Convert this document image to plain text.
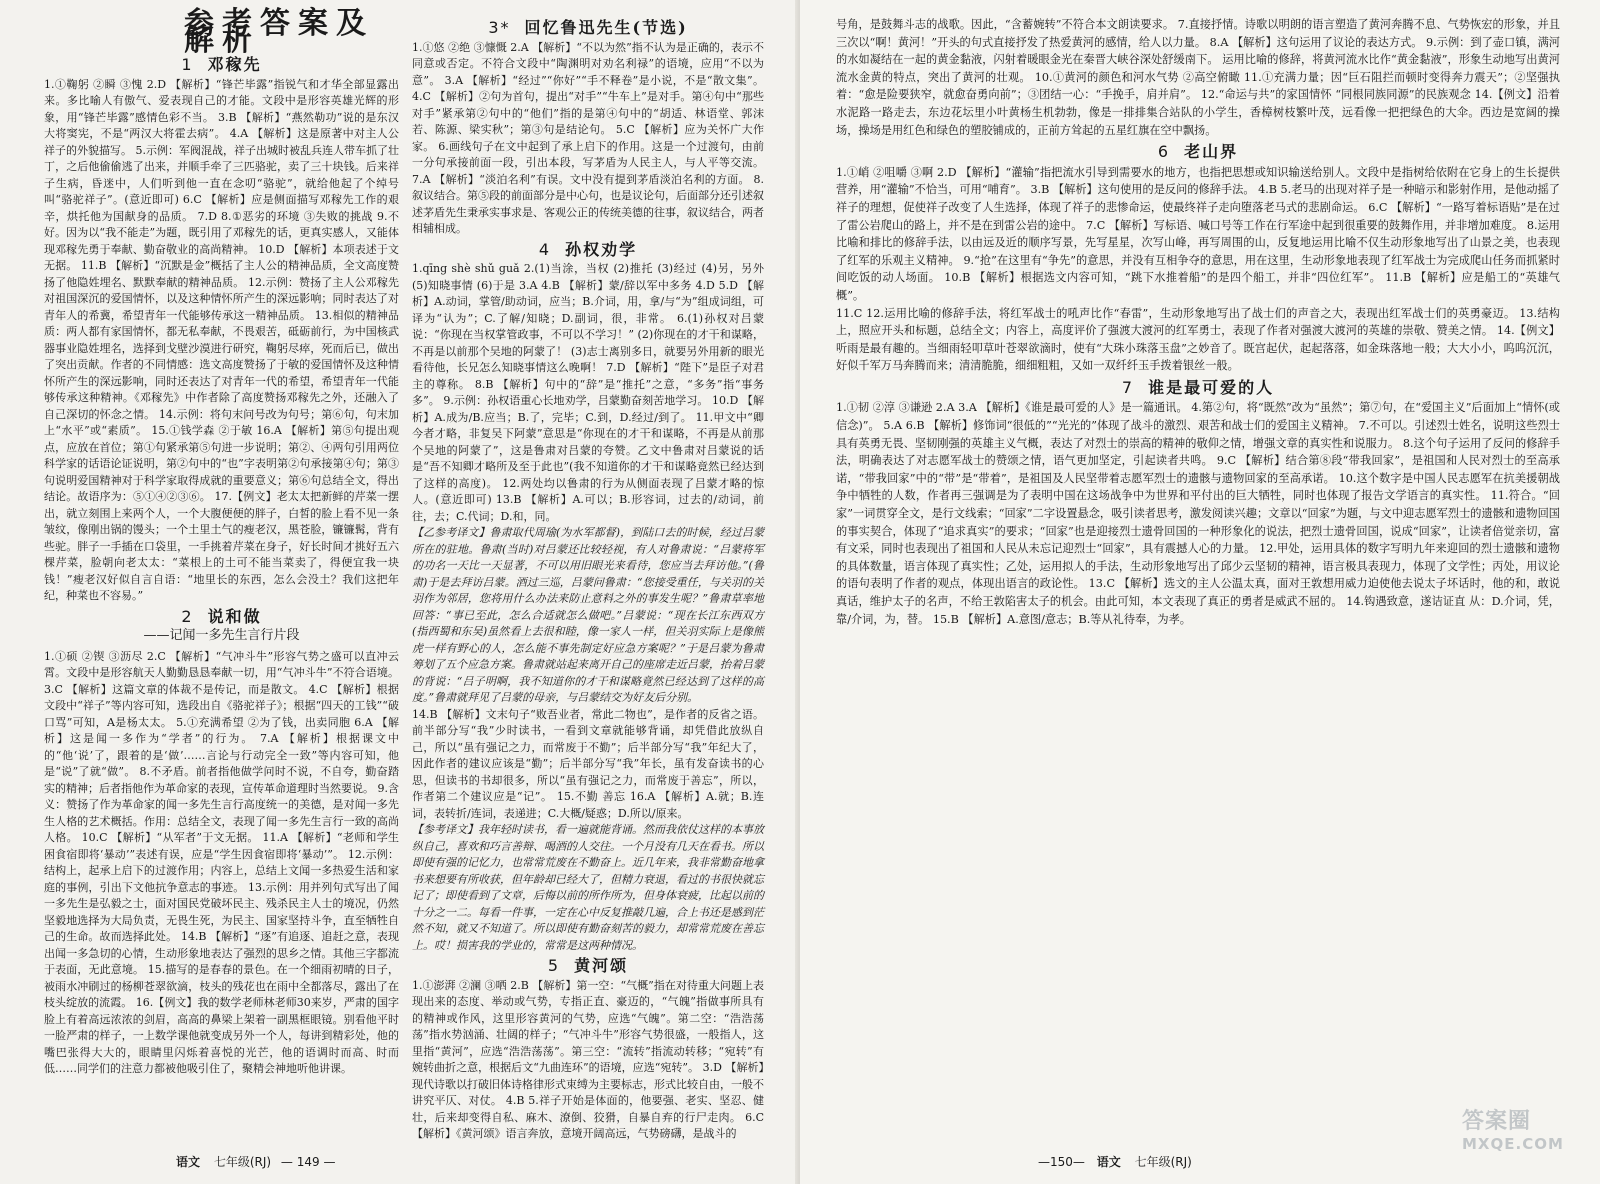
参考答案及解析
1 邓稼先

1.①鞠躬 ②瞬 ③愧 2.D 【解析】“锋芒毕露”指锐气和才华全部显露出来。多比喻人有傲气、爱表现自己的才能。文段中是形容英雄光辉的形象，用“锋芒毕露”感情色彩不当。 3.B 【解析】“燕然勒功”说的是东汉大将窦宪，不是“两汉大将霍去病”。 4.A 【解析】这是原著中对主人公祥子的外貌描写。 5.示例：军阀混战，祥子出城时被乱兵连人带车抓了壮丁，之后他偷偷逃了出来，并顺手牵了三匹骆驼，卖了三十块钱。后来祥子生病，昏迷中，人们听到他一直在念叨“骆驼”，就给他起了个绰号叫“骆驼祥子”。(意近即可) 6.C 【解析】应是侧面描写邓稼先工作的艰辛，烘托他为国献身的品质。 7.D 8.①恶劣的环境 ③失败的挑战 9.不好。因为以“我不能走”为题，既引用了邓稼先的话，更真实感人，又能体现邓稼先勇于奉献、勤奋敬业的高尚精神。 10.D 【解析】本项表述于文无据。 11.B 【解析】“沉默是金”概括了主人公的精神品质，全文高度赞扬了他隐姓埋名、默默奉献的精神品质。 12.示例：赞扬了主人公邓稼先对祖国深沉的爱国情怀，以及这种情怀所产生的深远影响；同时表达了对青年人的希冀，希望青年一代能够传承这一精神品质。 13.相似的精神品质：两人都有家国情怀，都无私奉献，不畏艰苦，砥砺前行，为中国核武器事业隐姓埋名，选择到戈壁沙漠进行研究，鞠躬尽瘁，死而后已，做出了突出贡献。作者的不同情感：选文高度赞扬了于敏的爱国情怀及这种情怀所产生的深远影响，同时还表达了对青年一代的希望，希望青年一代能够传承这种精神。《邓稼先》中作者除了高度赞扬邓稼先之外，还融入了自己深切的怀念之情。 14.示例：将句末问号改为句号；第⑥句，句末加上“水平”或“素质”。 15.①钱学森 ②于敏 16.A 【解析】第⑤句提出观点，应放在首位；第①句紧承第⑤句进一步说明；第②、④两句引用两位科学家的话语论证说明，第②句中的“也”字表明第②句承接第④句；第③句说明爱国精神对于科学家取得成就的重要意义；第⑥句总结全文，得出结论。故语序为：⑤①④②③⑥。 17.【例文】老太太把新鲜的芹菜一摆出，就立刻围上来两个人，一个大腹便便的胖子，白皙的脸上看不见一条皱纹，像刚出锅的馒头；一个土里土气的瘦老汉，黑苍脸，镰镰髯，背有些驼。胖子一手插在口袋里，一手挑着芹菜在身子，好长时间才挑好五六棵芹菜，脸朝向老太太：“菜根上的土可不能当菜卖了，得便宜我一块钱！”瘦老汉好似自言自语：“地里长的东西，怎么会没土？我们这把年纪，种菜也不容易。”

2 说和做
——记闻一多先生言行片段

1.①硕 ②锲 ③沥尽 2.C 【解析】“气冲斗牛”形容气势之盛可以直冲云霄。文段中是形容航天人勤勤恳恳奉献一切，用“气冲斗牛”不符合语境。 3.C 【解析】这篇文章的体裁不是传记，而是散文。 4.C 【解析】根据文段中“祥子”等内容可知，选段出自《骆驼祥子》；根据“四天的工钱”“破口骂”可知，A是杨太太。 5.①充满希望 ②为了钱，出卖同胞 6.A 【解析】这是闻一多作为“学者”的行为。 7.A 【解析】根据课文中的“他‘说’了，跟着的是‘做’……言论与行动完全一致”等内容可知，他是“说”了就“做”。 8.不矛盾。前者指他做学问时不说，不自夸，勤奋踏实的精神；后者指他作为革命家的表现，宣传革命道理时当然要说。 9.含义：赞扬了作为革命家的闻一多先生言行高度统一的美德，是对闻一多先生人格的艺术概括。作用：总结全文，表现了闻一多先生言行一致的高尚人格。 10.C 【解析】“从军者”于文无据。 11.A 【解析】“老师和学生困食宿即将‘暴动’”表述有误，应是“学生因食宿即将‘暴动’”。 12.示例：结构上，起承上启下的过渡作用；内容上，总结上文闻一多热爱生活和家庭的事例，引出下文他抗争意志的事迹。 13.示例：用并列句式写出了闻一多先生是弘毅之士，面对国民党破坏民主、残杀民主人士的境况，仍然坚毅地选择为大局负责，无畏生死，为民主、国家坚持斗争，直至牺牲自己的生命。故而选择此处。 14.B 【解析】“逐”有追逐、追赶之意，表现出闻一多急切的心情，生动形象地表达了强烈的思乡之情。其他三字都流于表面，无此意境。 15.描写的是春春的景色。在一个细雨初晴的日子，被雨水冲刷过的杨柳苍翠欲滴，枝头的残花也在雨中全都落尽，露出了在枝头绽放的流霞。 16.【例文】我的数学老师林老师30来岁，严肃的国字脸上有着高远浓浓的剑眉，高高的鼻梁上架着一副黑框眼镜。别看他平时一脸严肃的样子，一上数学课他就变成另外一个人，每讲到精彩处，他的嘴巴张得大大的，眼睛里闪烁着喜悦的光芒，他的语调时而高、时而低……同学们的注意力都被他吸引住了，聚精会神地听他讲课。

3* 回忆鲁迅先生(节选)

1.①悠 ②绝 ③慷慨 2.A 【解析】“不以为然”指不认为是正确的，表示不同意或否定。不符合文段中“陶渊明对劝名利禄”的语境，应用“不以为意”。 3.A 【解析】“经过”“你好”“手不释卷”是小说，不是“散文集”。 4.C 【解析】②句为首句，提出“对手”“牛车上”是对手。第④句中“那些对手”紧承第②句中的“他们”指的是第④句中的“胡适、林语堂、郭沫若、陈源、梁实秋”；第③句是结论句。 5.C 【解析】应为关怀广大作家。 6.画线句子在文中起到了承上启下的作用。这是一个过渡句，由前一分句承接前面一段，引出本段，写茅盾为人民主人，与人平等交流。 7.A 【解析】“淡泊名利”有误。文中没有提到茅盾淡泊名利的方面。 8.叙议结合。第⑤段的前面部分是中心句，也是议论句，后面部分还引述叙述茅盾先生秉承实事求是、客观公正的传统美德的往事，叙议结合，两者相辅相成。

4 孙权劝学

1.qīng shè shǔ guǎ 2.(1)当涂，当权 (2)推托 (3)经过 (4)另，另外 (5)知晓事情 (6)于是 3.A 4.B 【解析】蒙/辞以军中多务 4.D 5.D 【解析】A.动词，掌管/助动词，应当；B.介词，用，拿/与“为”组成词组，可译为“认为”；C.了解/知晓；D.副词，很，非常。 6.(1)孙权对吕蒙说：“你现在当权掌管政事，不可以不学习！” (2)你现在的才干和谋略，不再是以前那个吴地的阿蒙了！ (3)志士离别多日，就要另外用新的眼光看待他，长兄怎么知晓事情这么晚啊！ 7.D 【解析】“陛下”是臣子对君主的尊称。 8.B 【解析】句中的“辞”是“推托”之意，“多务”指“事务多”。 9.示例：孙权语重心长地劝学，吕蒙勤奋刻苦地学习。 10.D 【解析】A.成为/B.应当；B.了，完毕；C.到，D.经过/到了。 11.甲文中“卿今者才略，非复吴下阿蒙”意思是“你现在的才干和谋略，不再是从前那个吴地的阿蒙了”，这是鲁肃对吕蒙的夸赞。乙文中鲁肃对吕蒙说的话是“吾不知卿才略所及至于此也”(我不知道你的才干和谋略竟然已经达到了这样的高度)。 12.两处均以鲁肃的行为从侧面表现了吕蒙才略的惊人。(意近即可) 13.B 【解析】A.可以；B.形容词，过去的/动词，前往，去；C.代词；D.和，同。

【乙参考译文】鲁肃取代周瑜(为水军都督)，到陆口去的时候，经过吕蒙所在的驻地。鲁肃(当时)对吕蒙还比较轻视，有人对鲁肃说：“吕蒙将军的功名一天比一天显著，不可以用旧眼光来看待，您应当去拜访他。”(鲁肃)于是去拜访吕蒙。酒过三巡，吕蒙问鲁肃：“您接受重任，与关羽的关羽作为邻居，您将用什么办法来防止意料之外的事发生呢？”鲁肃草率地回答：“事已至此，怎么合适就怎么做吧。”吕蒙说：“现在长江东西双方(指西蜀和东吴)虽然看上去很和睦，像一家人一样，但关羽实际上是像熊虎一样有野心的人，怎么能不事先制定好应急方案呢？”于是吕蒙为鲁肃筹划了五个应急方案。鲁肃就站起来离开自己的座席走近吕蒙，抬着吕蒙的背说：“吕子明啊，我不知道你的才干和谋略竟然已经达到了这样的高度。”鲁肃就拜见了吕蒙的母亲，与吕蒙结交为好友后分别。

14.B 【解析】文末句子“败吾业者，常此二物也”，是作者的反省之语。前半部分写“我”少时读书，一看到文章就能够背诵，却凭借此放纵自己，所以“虽有强记之力，而常废于不勤”；后半部分写“我”年纪大了，因此作者的建议应该是“勤”；后半部分写“我”年长，虽有发奋读书的心思，但读书的书却很多，所以“虽有强记之力，而常废于善忘”，所以，作者第二个建议应是“记”。 15.不勤 善忘 16.A 【解析】A.就；B.连词，表转折/连词，表递进；C.大概/疑惑；D.所以/原来。

【参考译文】我年轻时读书，看一遍就能背诵。然而我依仗这样的本事放纵自己，喜欢和巧言善辩、喝酒的人交往。一个月没有几天在看书。所以即使有强的记忆力，也常常荒废在不勤奋上。近几年来，我非常勤奋地拿书来想要有所收获，但年龄却已经大了，但精力衰退，看过的书很快就忘记了；即使看到了文章，后悔以前的所作所为，但身体衰疲，比起以前的十分之一二。每看一件事，一定在心中反复推敲几遍，合上书还是感到茫然不知，就又不知道了。所以即使有勤奋刻苦的毅力，却常常荒废在善忘上。哎！损害我的学业的，常常是这两种情况。

5 黄河颂

1.①澎湃 ②澜 ③哂 2.B 【解析】第一空：“气概”指在对待重大问题上表现出来的态度、举动或气势，专指正直、豪迈的，“气魄”指做事所具有的精神或作风，这里形容黄河的气势，应选“气魄”。第二空：“浩浩荡荡”指水势汹涌、壮阔的样子；“气冲斗牛”形容气势很盛，一般指人，这里指“黄河”，应选“浩浩荡荡”。第三空：“流转”指流动转移；“宛转”有婉转曲折之意，根据后文“九曲连环”的语境，应选“宛转”。 3.D 【解析】现代诗歌以打破旧体诗格律形式束缚为主要标志，形式比较自由，一般不讲究平仄、对仗。 4.B 5.祥子开始是体面的，他要强、老实、坚忍、健壮，后来却变得自私、麻木、潦倒、狡猾，自暴自弃的行尸走肉。 6.C 【解析】《黄河颂》语言奔放，意境开阔高远，气势磅礴，是战斗的

语文 七年级(RJ) — 149 —

号角，是鼓舞斗志的战歌。因此，“含蓄婉转”不符合本文朗读要求。 7.直接抒情。诗歌以明朗的语言塑造了黄河奔腾不息、气势恢宏的形象，并且三次以“啊！黄河！”开头的句式直接抒发了热爱黄河的感情，给人以力量。 8.A 【解析】这句运用了议论的表达方式。 9.示例：到了壶口镇，满河的水如凝结在一起的黄金黏液，闪射着暖眼金光在秦晋大峡谷深处舒缓南下。 运用比喻的修辞，将黄河流水比作“黄金黏液”，形象生动地写出黄河流水金黄的特点，突出了黄河的壮观。 10.①黄河的颜色和河水气势 ②高空俯瞰 11.①充满力量；因“巨石阻拦而顿时变得奔力震天”；②坚强执着：“愈是险要狭窄，就愈奋勇向前”；③团结一心：“手挽手，肩并肩”。 12.“命运与共”的家国情怀 “同根同族同源”的民族观念 14.【例文】沿着水泥路一路走去，东边花坛里小叶黄杨生机勃勃，像是一排排集合站队的小学生，香樟树枝繁叶茂，远看像一把把绿色的大伞。西边是宽阔的操场，操场是用红色和绿色的塑胶铺成的，正前方耸起的五星红旗在空中飘扬。

6 老山界

1.①峭 ②咀嚼 ③啊 2.D 【解析】“灌输”指把流水引导到需要水的地方，也指把思想或知识输送给别人。文段中是指树给依附在它身上的生长提供营养，用“灌输”不恰当，可用“哺育”。 3.B 【解析】这句使用的是反问的修辞手法。 4.B 5.老马的出现对祥子是一种暗示和影射作用，是他动摇了祥子的理想，促使祥子改变了人生选择，体现了祥子的悲惨命运，使最终祥子走向堕落老马式的悲剧命运。 6.C 【解析】“一路写着标语贴”是在过了雷公岩爬山的路上，并不是在到雷公岩的途中。 7.C 【解析】写标语、喊口号等工作在行军途中起到很重要的鼓舞作用，并非增加难度。 8.运用比喻和排比的修辞手法，以由远及近的顺序写景，先写星星，次写山峰，再写周围的山，反复地运用比喻不仅生动形象地写出了山景之美，也表现了红军的乐观主义精神。 9.“抢”在这里有“争先”的意思，并没有互相争夺的意思，用在这里，生动形象地表现了红军战士为完成爬山任务而抓紧时间吃饭的动人场面。 10.B 【解析】根据选文内容可知，“跳下水推着船”的是四个船工，并非“四位红军”。 11.B 【解析】应是船工的“英雄气概”。

11.C 12.运用比喻的修辞手法，将红军战士的吼声比作“春雷”，生动形象地写出了战士们的声音之大，表现出红军战士们的英勇豪迈。 13.结构上，照应开头和标题，总结全文；内容上，高度评价了强渡大渡河的红军勇士，表现了作者对强渡大渡河的英雄的崇敬、赞美之情。 14.【例文】听雨是最有趣的。当细雨轻叩草叶苍翠欲滴时，使有“大珠小珠落玉盘”之妙音了。既宫起伏，起起落落，如金珠落地一般；大大小小，呜呜沉沉，好似千军万马奔腾而来；清清脆脆，细细粗粗，又如一双纤纤玉手拨着银丝一般。

7 谁是最可爱的人

1.①韧 ②淳 ③谦逊 2.A 3.A 【解析】《谁是最可爱的人》是一篇通讯。 4.第②句，将“既然”改为“虽然”；第⑦句，在“爱国主义”后面加上“情怀(或信念)”。 5.A 6.B 【解析】修饰词“很低的”“光光的”体现了战斗的激烈、艰苦和战士们的爱国主义精神。 7.不可以。引述烈士姓名，说明这些烈士具有英勇无畏、坚韧刚强的英雄主义气概，表达了对烈士的崇高的精神的敬仰之情，增强文章的真实性和说服力。 8.这个句子运用了反问的修辞手法，明确表达了对志愿军战士的赞颂之情，语气更加坚定，引起读者共鸣。 9.C 【解析】结合第⑧段“带我回家”，是祖国和人民对烈士的至高承诺，“带我回家”中的“带”是“带着”，是祖国及人民坚带着志愿军烈士的遗骸与遗物回家的至高承诺。 10.这个数字是中国人民志愿军在抗美援朝战争中牺牲的人数，作者再三强调是为了表明中国在这场战争中为世界和平付出的巨大牺牲，同时也体现了报告文学语言的真实性。 11.符合。“回家”一词贯穿全文，是行文线索；“回家”二字设置悬念，吸引读者思考，激发阅读兴趣；文章以“回家”为题，与文中迎志愿军烈士的遗骸和遗物回国的事实契合，体现了“追求真实”的要求；“回家”也是迎接烈士遗骨回国的一种形象化的说法，把烈士遗骨回国，说成“回家”，让读者倍觉亲切，富有文采，同时也表现出了祖国和人民从未忘记迎烈士“回家”，具有震撼人心的力量。 12.甲处，运用具体的数字写明九年来迎回的烈士遗骸和遗物的具体数量，语言体现了真实性；乙处，运用拟人的手法，生动形象地写出了邱少云坚韧的精神，语言极具表现力，体现了文学性；丙处，用议论的语句表明了作者的观点，体现出语言的政论性。 13.C 【解析】选文的主人公温太真，面对王敦想用威力迫使他去说太子坏话时，他的和，敢说真话，维护太子的名声，不给王敦陷害太子的机会。由此可知，本文表现了真正的勇者是威武不屈的。 14.钩遇致意，遂诘证直 从：D.介词，凭，靠/介词，为，替。 15.B 【解析】A.意图/意志；B.等从礼待奉，为孝。

—150— 语文 七年级(RJ)
答案圈
MXQE.COM
